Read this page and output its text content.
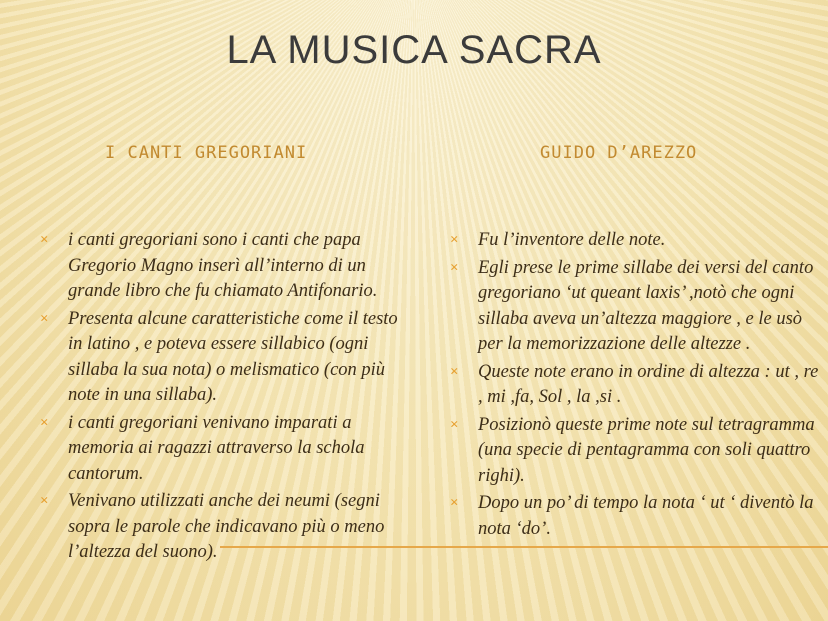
LA MUSICA SACRA
I CANTI GREGORIANI	GUIDO D’AREZZO
× i canti gregoriani sono i canti che papa Gregorio Magno inserì all’interno di un grande libro che fu chiamato Antifonario.
× Presenta alcune caratteristiche come il testo in latino , e poteva essere sillabico (ogni sillaba la sua nota) o melismatico (con più note in una sillaba).
× i canti gregoriani venivano imparati a memoria ai ragazzi attraverso la schola cantorum.
× Venivano utilizzati anche dei neumi (segni sopra le parole che indicavano più o meno l’altezza del suono).
× Fu l’inventore delle note.
× Egli prese le prime sillabe dei versi del canto gregoriano ‘ut queant laxis’ ,notò che ogni sillaba aveva un’altezza maggiore , e le usò per la memorizzazione delle altezze .
× Queste note erano in ordine di altezza : ut , re , mi ,fa, Sol , la ,si .
× Posizionò queste prime note sul tetragramma (una specie di pentagramma con soli quattro righi).
× Dopo un po’ di tempo la nota ‘ ut ‘ diventò la nota ‘do’.
